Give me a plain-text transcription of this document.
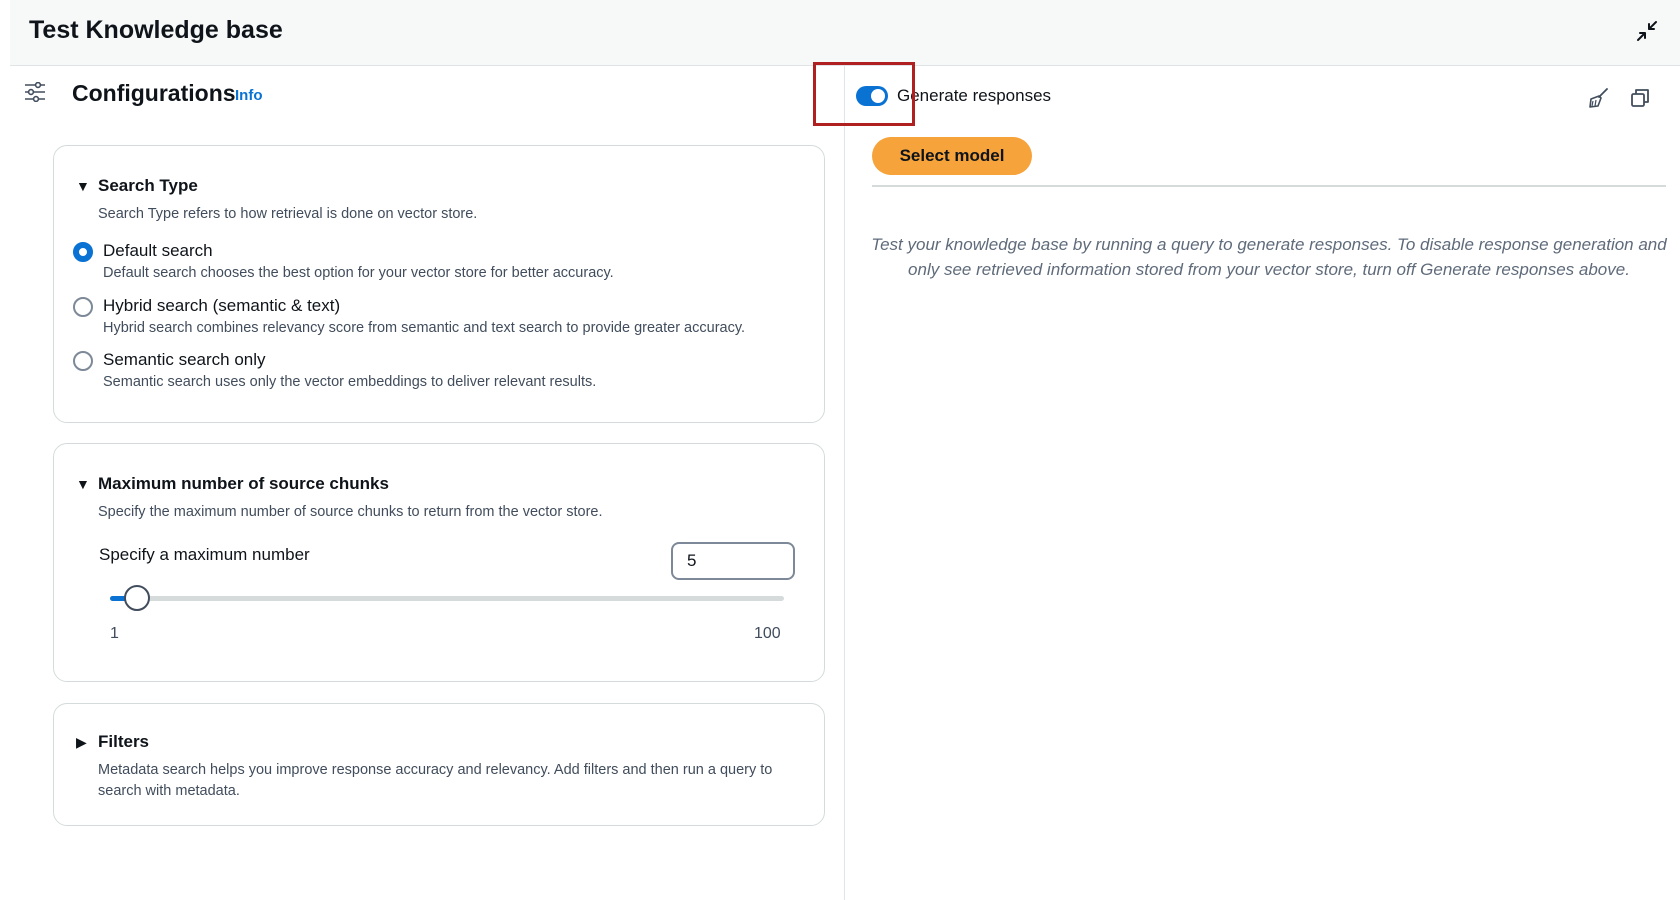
Test Knowledge base
Configurations Info
▼ Search Type
Search Type refers to how retrieval is done on vector store.
Default search
Default search chooses the best option for your vector store for better accuracy.
Hybrid search (semantic & text)
Hybrid search combines relevancy score from semantic and text search to provide greater accuracy.
Semantic search only
Semantic search uses only the vector embeddings to deliver relevant results.
▼ Maximum number of source chunks
Specify the maximum number of source chunks to return from the vector store.
Specify a maximum number
5
1	100
▶ Filters
Metadata search helps you improve response accuracy and relevancy. Add filters and then run a query to search with metadata.
Generate responses
Select model
Test your knowledge base by running a query to generate responses. To disable response generation and only see retrieved information stored from your vector store, turn off Generate responses above.
